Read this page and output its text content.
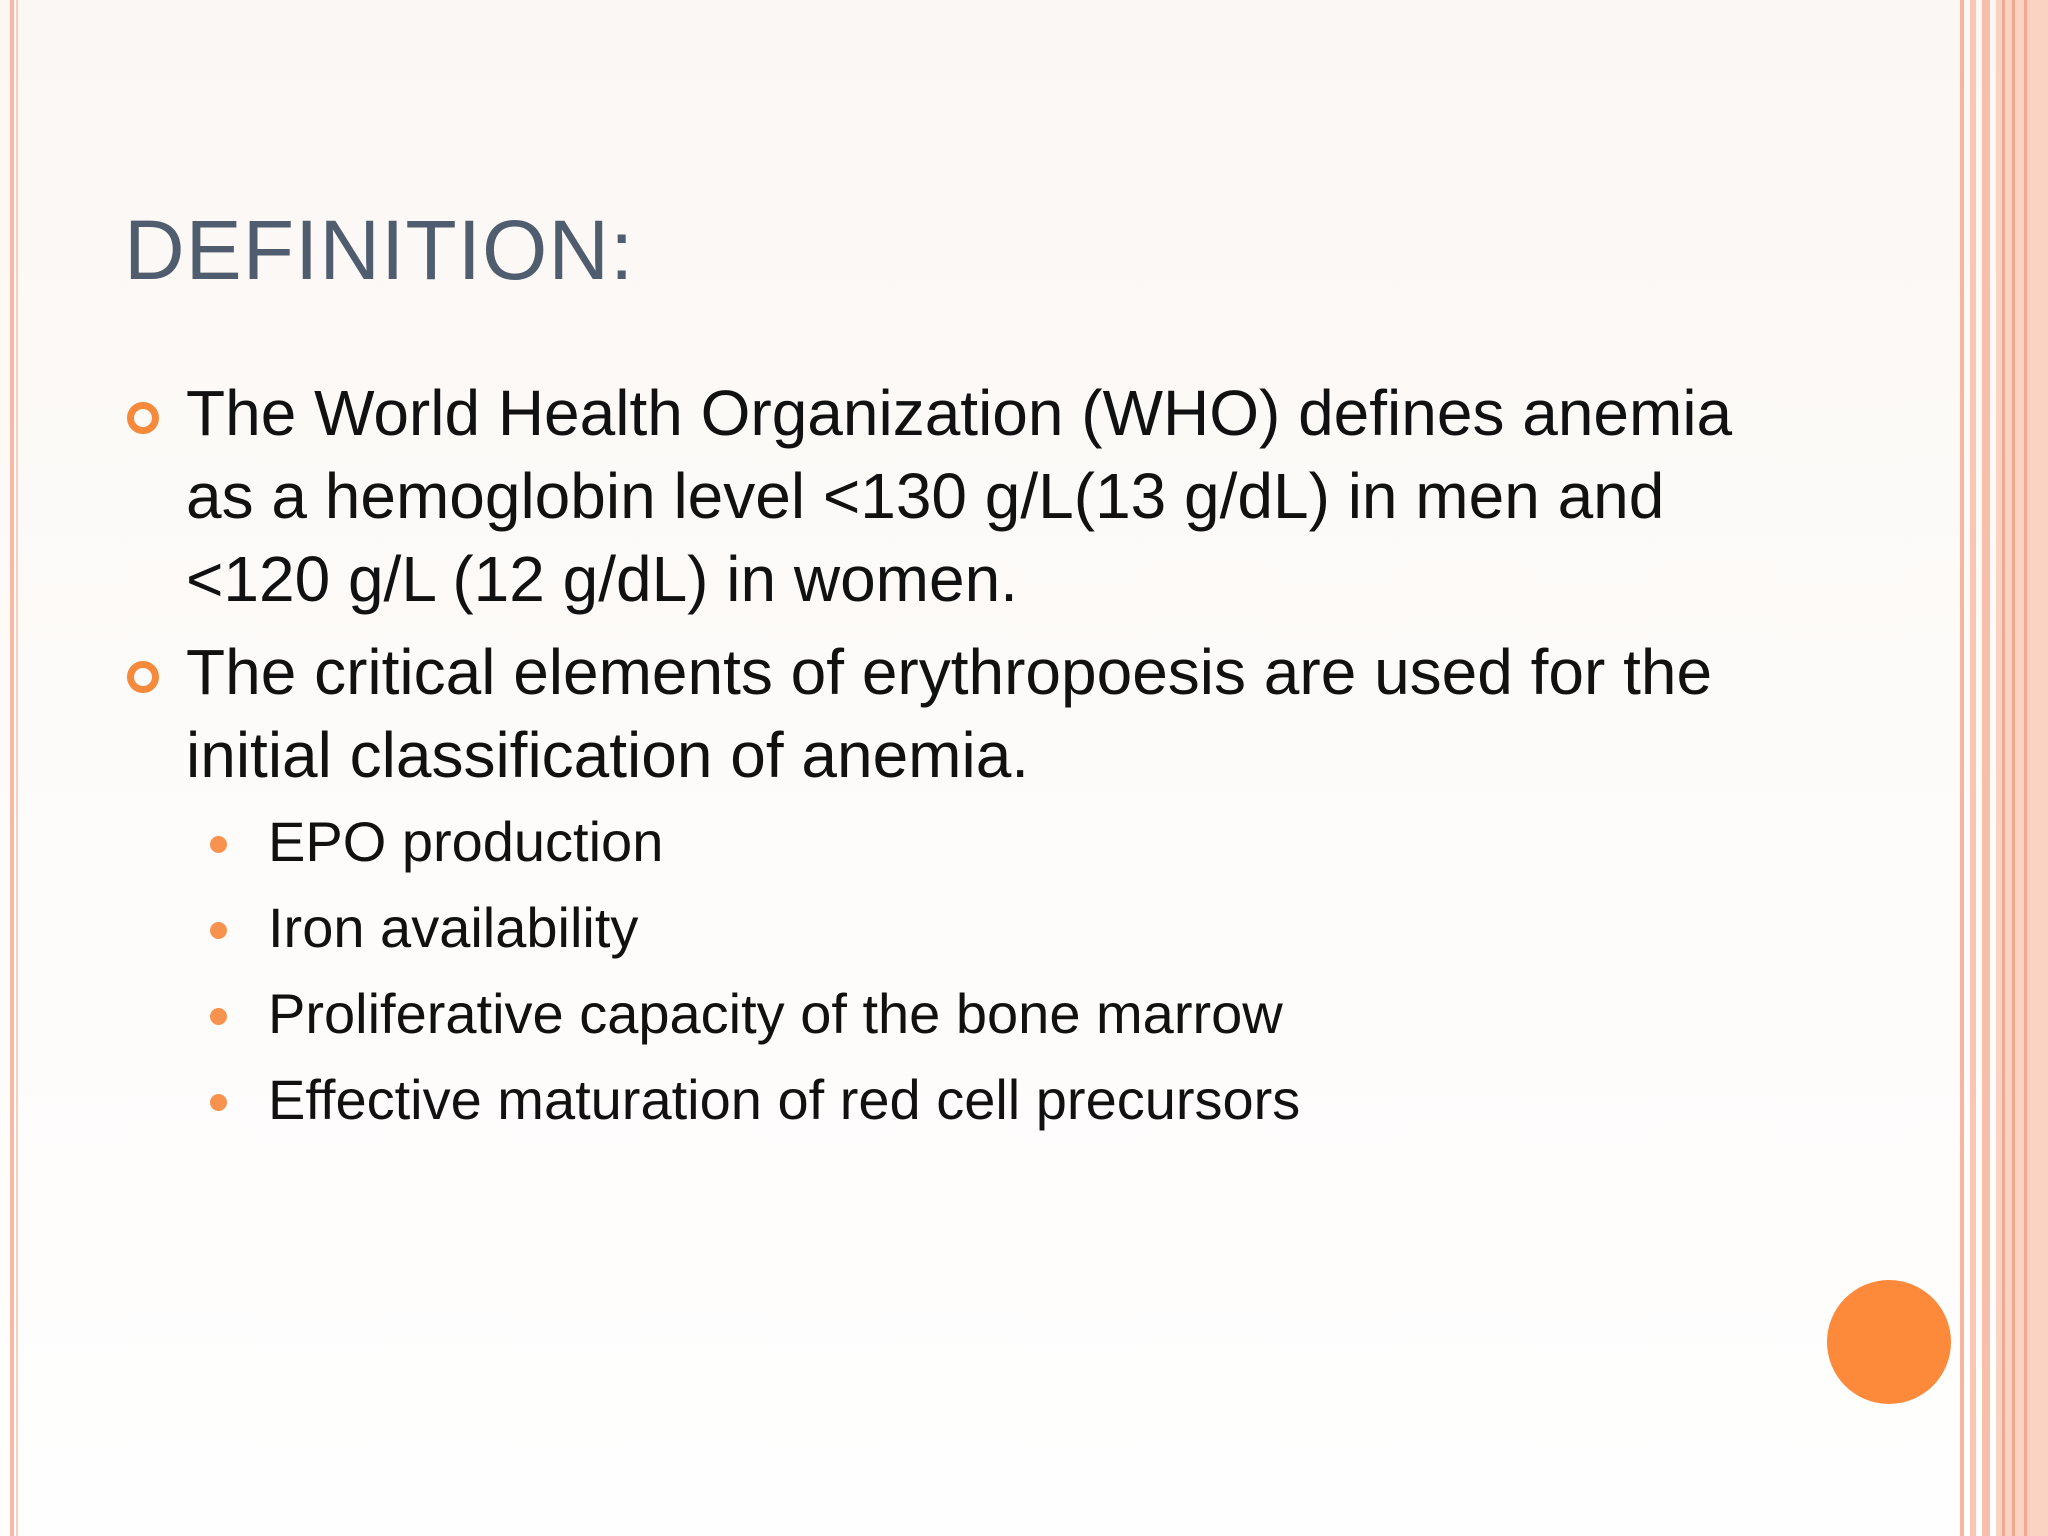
DEFINITION:
The World Health Organization (WHO) defines anemia as a hemoglobin level <130 g/L(13 g/dL) in men and <120 g/L (12 g/dL) in women.
The critical elements of erythropoesis are used for the initial classification of anemia.
EPO production
Iron availability
Proliferative capacity of the bone marrow
Effective maturation of red cell precursors
